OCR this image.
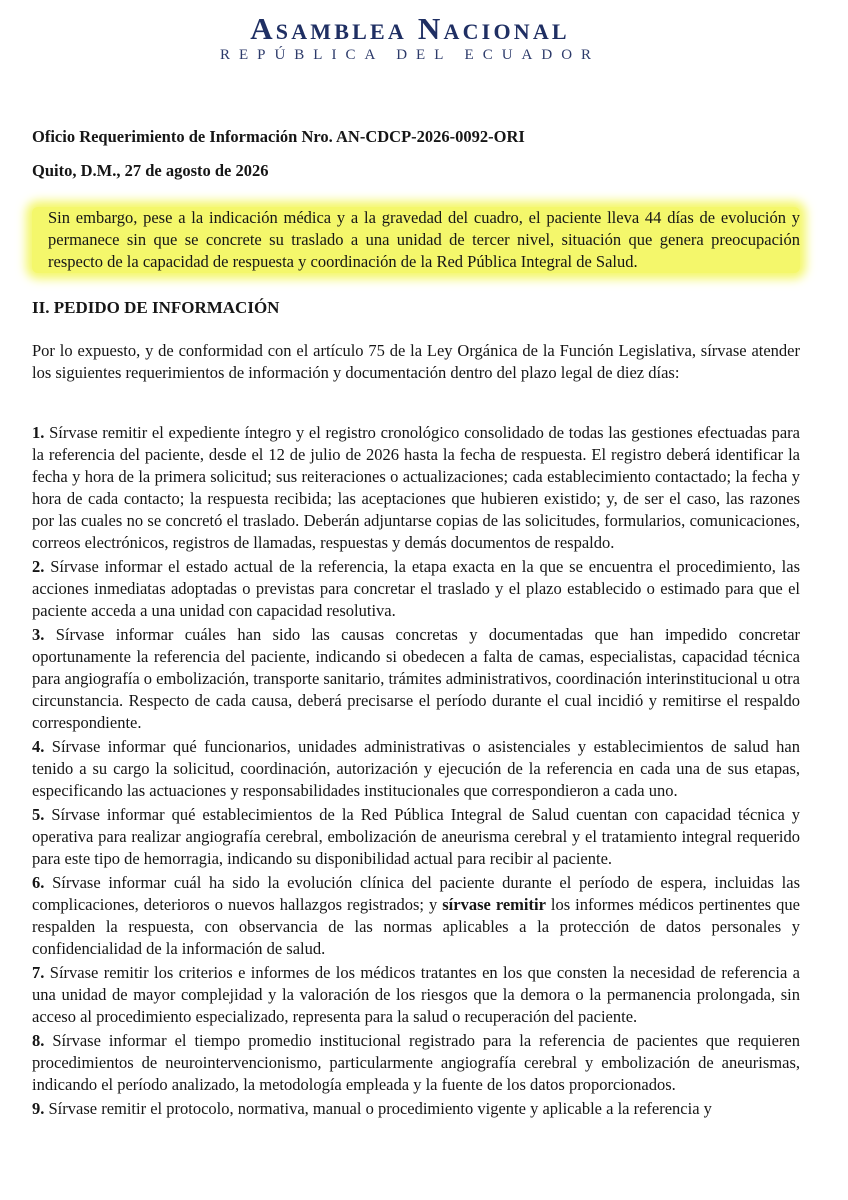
Asamblea Nacional
REPÚBLICA DEL ECUADOR
Oficio Requerimiento de Información Nro. AN-CDCP-2026-0092-ORI
Quito, D.M., 27 de agosto de 2026
Sin embargo, pese a la indicación médica y a la gravedad del cuadro, el paciente lleva 44 días de evolución y permanece sin que se concrete su traslado a una unidad de tercer nivel, situación que genera preocupación respecto de la capacidad de respuesta y coordinación de la Red Pública Integral de Salud.
II. PEDIDO DE INFORMACIÓN
Por lo expuesto, y de conformidad con el artículo 75 de la Ley Orgánica de la Función Legislativa, sírvase atender los siguientes requerimientos de información y documentación dentro del plazo legal de diez días:

1. Sírvase remitir el expediente íntegro y el registro cronológico consolidado de todas las gestiones efectuadas para la referencia del paciente, desde el 12 de julio de 2026 hasta la fecha de respuesta. El registro deberá identificar la fecha y hora de la primera solicitud; sus reiteraciones o actualizaciones; cada establecimiento contactado; la fecha y hora de cada contacto; la respuesta recibida; las aceptaciones que hubieren existido; y, de ser el caso, las razones por las cuales no se concretó el traslado. Deberán adjuntarse copias de las solicitudes, formularios, comunicaciones, correos electrónicos, registros de llamadas, respuestas y demás documentos de respaldo.

2. Sírvase informar el estado actual de la referencia, la etapa exacta en la que se encuentra el procedimiento, las acciones inmediatas adoptadas o previstas para concretar el traslado y el plazo establecido o estimado para que el paciente acceda a una unidad con capacidad resolutiva.

3. Sírvase informar cuáles han sido las causas concretas y documentadas que han impedido concretar oportunamente la referencia del paciente, indicando si obedecen a falta de camas, especialistas, capacidad técnica para angiografía o embolización, transporte sanitario, trámites administrativos, coordinación interinstitucional u otra circunstancia. Respecto de cada causa, deberá precisarse el período durante el cual incidió y remitirse el respaldo correspondiente.

4. Sírvase informar qué funcionarios, unidades administrativas o asistenciales y establecimientos de salud han tenido a su cargo la solicitud, coordinación, autorización y ejecución de la referencia en cada una de sus etapas, especificando las actuaciones y responsabilidades institucionales que correspondieron a cada uno.

5. Sírvase informar qué establecimientos de la Red Pública Integral de Salud cuentan con capacidad técnica y operativa para realizar angiografía cerebral, embolización de aneurisma cerebral y el tratamiento integral requerido para este tipo de hemorragia, indicando su disponibilidad actual para recibir al paciente.

6. Sírvase informar cuál ha sido la evolución clínica del paciente durante el período de espera, incluidas las complicaciones, deterioros o nuevos hallazgos registrados; y sírvase remitir los informes médicos pertinentes que respalden la respuesta, con observancia de las normas aplicables a la protección de datos personales y confidencialidad de la información de salud.

7. Sírvase remitir los criterios e informes de los médicos tratantes en los que consten la necesidad de referencia a una unidad de mayor complejidad y la valoración de los riesgos que la demora o la permanencia prolongada, sin acceso al procedimiento especializado, representa para la salud o recuperación del paciente.

8. Sírvase informar el tiempo promedio institucional registrado para la referencia de pacientes que requieren procedimientos de neurointervencionismo, particularmente angiografía cerebral y embolización de aneurismas, indicando el período analizado, la metodología empleada y la fuente de los datos proporcionados.

9. Sírvase remitir el protocolo, normativa, manual o procedimiento vigente y aplicable a la referencia y
